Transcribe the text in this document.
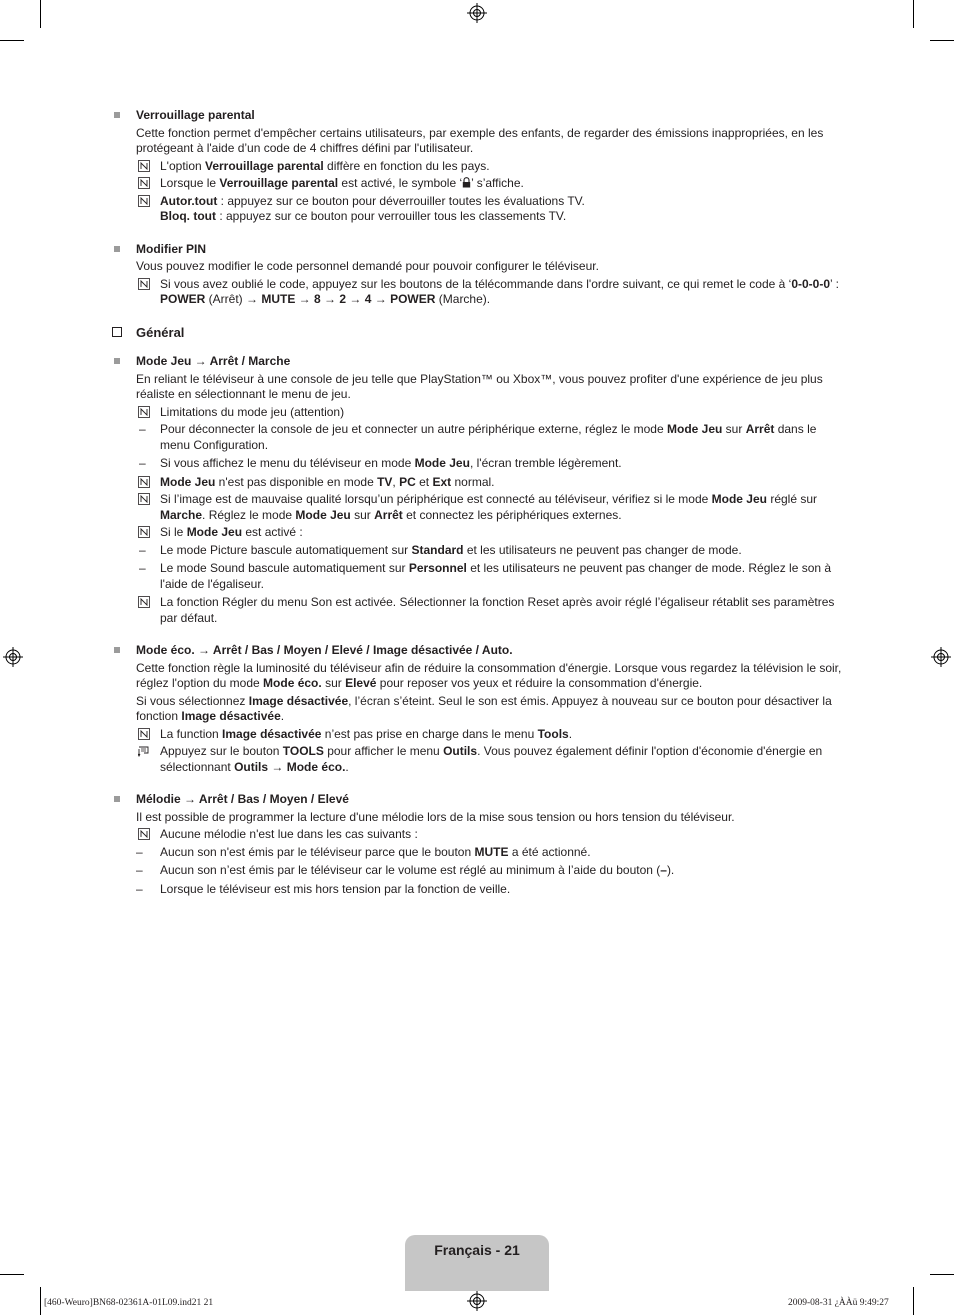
Verrouillage parental
Cette fonction permet d'empêcher certains utilisateurs, par exemple des enfants, de regarder des émissions inappropriées, en les protégeant à l'aide d’un code de 4 chiffres défini par l'utilisateur.
L'option Verrouillage parental diffère en fonction du les pays.
Lorsque le Verrouillage parental est activé, le symbole ‘ ’ s’affiche.
Autor.tout : appuyez sur ce bouton pour déverrouiller toutes les évaluations TV.
Bloq. tout : appuyez sur ce bouton pour verrouiller tous les classements TV.
Modifier PIN
Vous pouvez modifier le code personnel demandé pour pouvoir configurer le téléviseur.
Si vous avez oublié le code, appuyez sur les boutons de la télécommande dans l'ordre suivant, ce qui remet le code à ‘0-0-0-0’ : POWER (Arrêt) → MUTE → 8 → 2 → 4 → POWER (Marche).
Général
Mode Jeu → Arrêt / Marche
En reliant le téléviseur à une console de jeu telle que PlayStation™ ou Xbox™, vous pouvez profiter d'une expérience de jeu plus réaliste en sélectionnant le menu de jeu.
Limitations du mode jeu (attention)
– Pour déconnecter la console de jeu et connecter un autre périphérique externe, réglez le mode Mode Jeu sur Arrêt dans le menu Configuration.
– Si vous affichez le menu du téléviseur en mode Mode Jeu, l'écran tremble légèrement.
Mode Jeu n'est pas disponible en mode TV, PC et Ext normal.
Si l’image est de mauvaise qualité lorsqu’un périphérique est connecté au téléviseur, vérifiez si le mode Mode Jeu réglé sur Marche. Réglez le mode Mode Jeu sur Arrêt et connectez les périphériques externes.
Si le Mode Jeu est activé :
– Le mode Picture bascule automatiquement sur Standard et les utilisateurs ne peuvent pas changer de mode.
– Le mode Sound bascule automatiquement sur Personnel et les utilisateurs ne peuvent pas changer de mode. Réglez le son à l'aide de l'égaliseur.
La fonction Régler du menu Son est activée. Sélectionner la fonction Reset après avoir réglé l’égaliseur rétablit ses paramètres par défaut.
Mode éco. → Arrêt / Bas / Moyen / Elevé / Image désactivée / Auto.
Cette fonction règle la luminosité du téléviseur afin de réduire la consommation d'énergie. Lorsque vous regardez la télévision le soir, réglez l'option du mode Mode éco. sur Elevé pour reposer vos yeux et réduire la consommation d'énergie.
Si vous sélectionnez Image désactivée, l’écran s’éteint. Seul le son est émis. Appuyez à nouveau sur ce bouton pour désactiver la fonction Image désactivée.
La function Image désactivée n’est pas prise en charge dans le menu Tools.
Appuyez sur le bouton TOOLS pour afficher le menu Outils. Vous pouvez également définir l'option d'économie d'énergie en sélectionnant Outils → Mode éco..
Mélodie → Arrêt / Bas / Moyen / Elevé
Il est possible de programmer la lecture d'une mélodie lors de la mise sous tension ou hors tension du téléviseur.
Aucune mélodie n'est lue dans les cas suivants :
– Aucun son n'est émis par le téléviseur parce que le bouton MUTE a été actionné.
– Aucun son n’est émis par le téléviseur car le volume est réglé au minimum à l’aide du bouton (–).
– Lorsque le téléviseur est mis hors tension par la fonction de veille.
Français - 21
[460-Weuro]BN68-02361A-01L09.ind21 21	2009-08-31 ¿ÀÀü 9:49:27
